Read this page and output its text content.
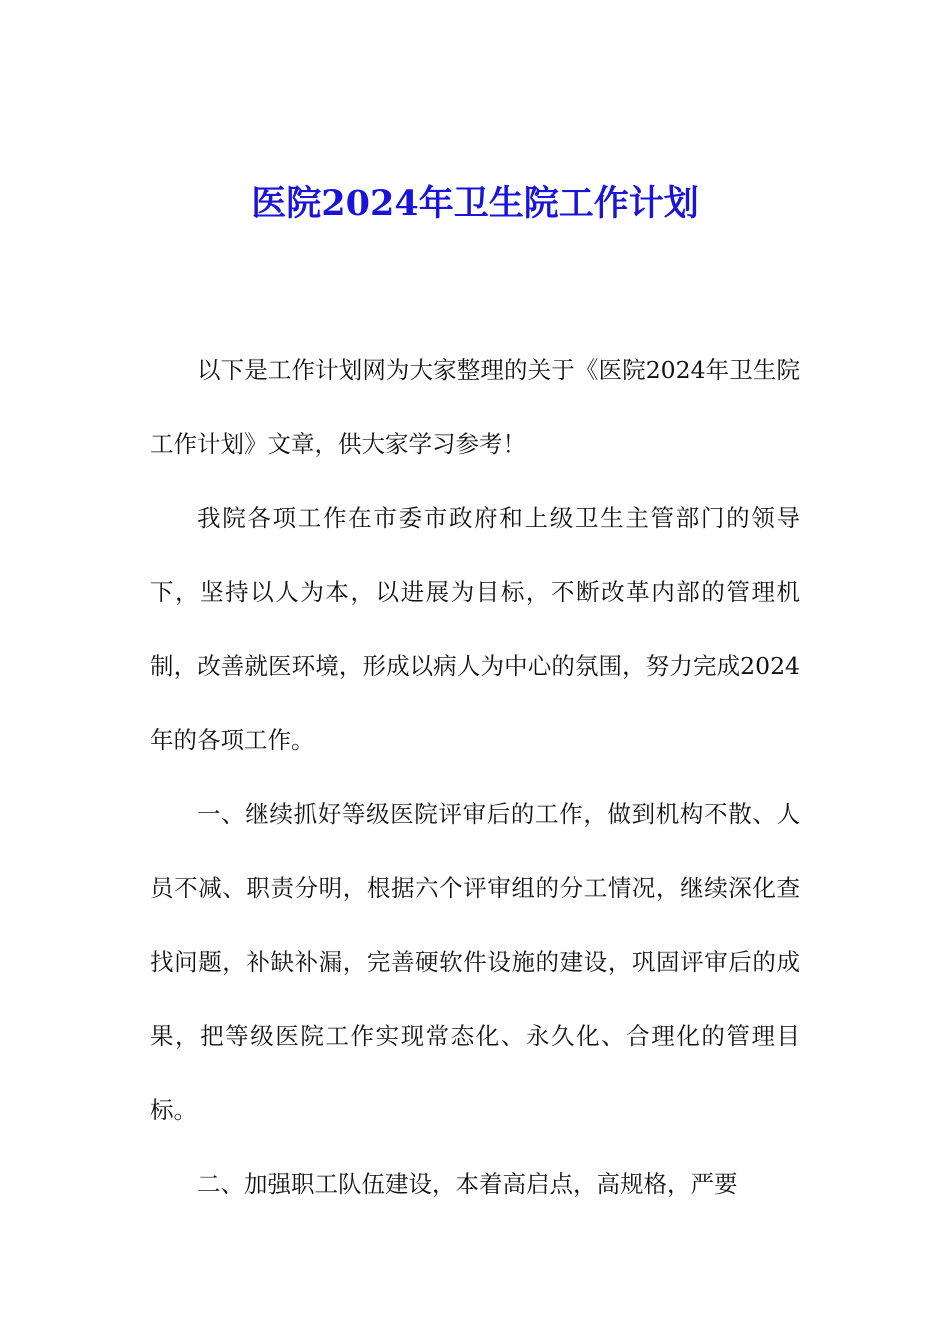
医院2024年卫生院工作计划

以下是工作计划网为大家整理的关于《医院2024年卫生院工作计划》文章，供大家学习参考！

我院各项工作在市委市政府和上级卫生主管部门的领导下，坚持以人为本，以进展为目标，不断改革内部的管理机制，改善就医环境，形成以病人为中心的氛围，努力完成2024年的各项工作。

一、继续抓好等级医院评审后的工作，做到机构不散、人员不减、职责分明，根据六个评审组的分工情况，继续深化查找问题，补缺补漏，完善硬软件设施的建设，巩固评审后的成果，把等级医院工作实现常态化、永久化、合理化的管理目标。

二、加强职工队伍建设，本着高启点，高规格，严要
